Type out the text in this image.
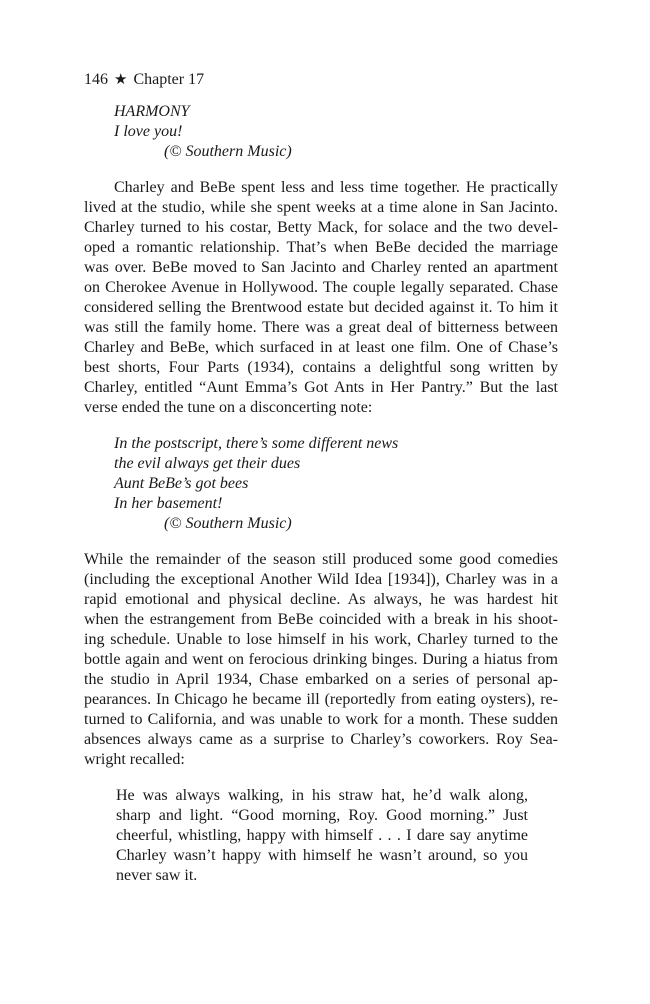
146 ★ Chapter 17
HARMONY
I love you!
(© Southern Music)
Charley and BeBe spent less and less time together. He practically
lived at the studio, while she spent weeks at a time alone in San Jacinto.
Charley turned to his costar, Betty Mack, for solace and the two devel-
oped a romantic relationship. That’s when BeBe decided the marriage
was over. BeBe moved to San Jacinto and Charley rented an apartment
on Cherokee Avenue in Hollywood. The couple legally separated. Chase
considered selling the Brentwood estate but decided against it. To him it
was still the family home. There was a great deal of bitterness between
Charley and BeBe, which surfaced in at least one film. One of Chase’s
best shorts, Four Parts (1934), contains a delightful song written by
Charley, entitled “Aunt Emma’s Got Ants in Her Pantry.” But the last
verse ended the tune on a disconcerting note:
In the postscript, there’s some different news
the evil always get their dues
Aunt BeBe’s got bees
In her basement!
(© Southern Music)
While the remainder of the season still produced some good comedies
(including the exceptional Another Wild Idea [1934]), Charley was in a
rapid emotional and physical decline. As always, he was hardest hit
when the estrangement from BeBe coincided with a break in his shoot-
ing schedule. Unable to lose himself in his work, Charley turned to the
bottle again and went on ferocious drinking binges. During a hiatus from
the studio in April 1934, Chase embarked on a series of personal ap-
pearances. In Chicago he became ill (reportedly from eating oysters), re-
turned to California, and was unable to work for a month. These sudden
absences always came as a surprise to Charley’s coworkers. Roy Sea-
wright recalled:
He was always walking, in his straw hat, he’d walk along,
sharp and light. “Good morning, Roy. Good morning.” Just
cheerful, whistling, happy with himself . . . I dare say anytime
Charley wasn’t happy with himself he wasn’t around, so you
never saw it.
